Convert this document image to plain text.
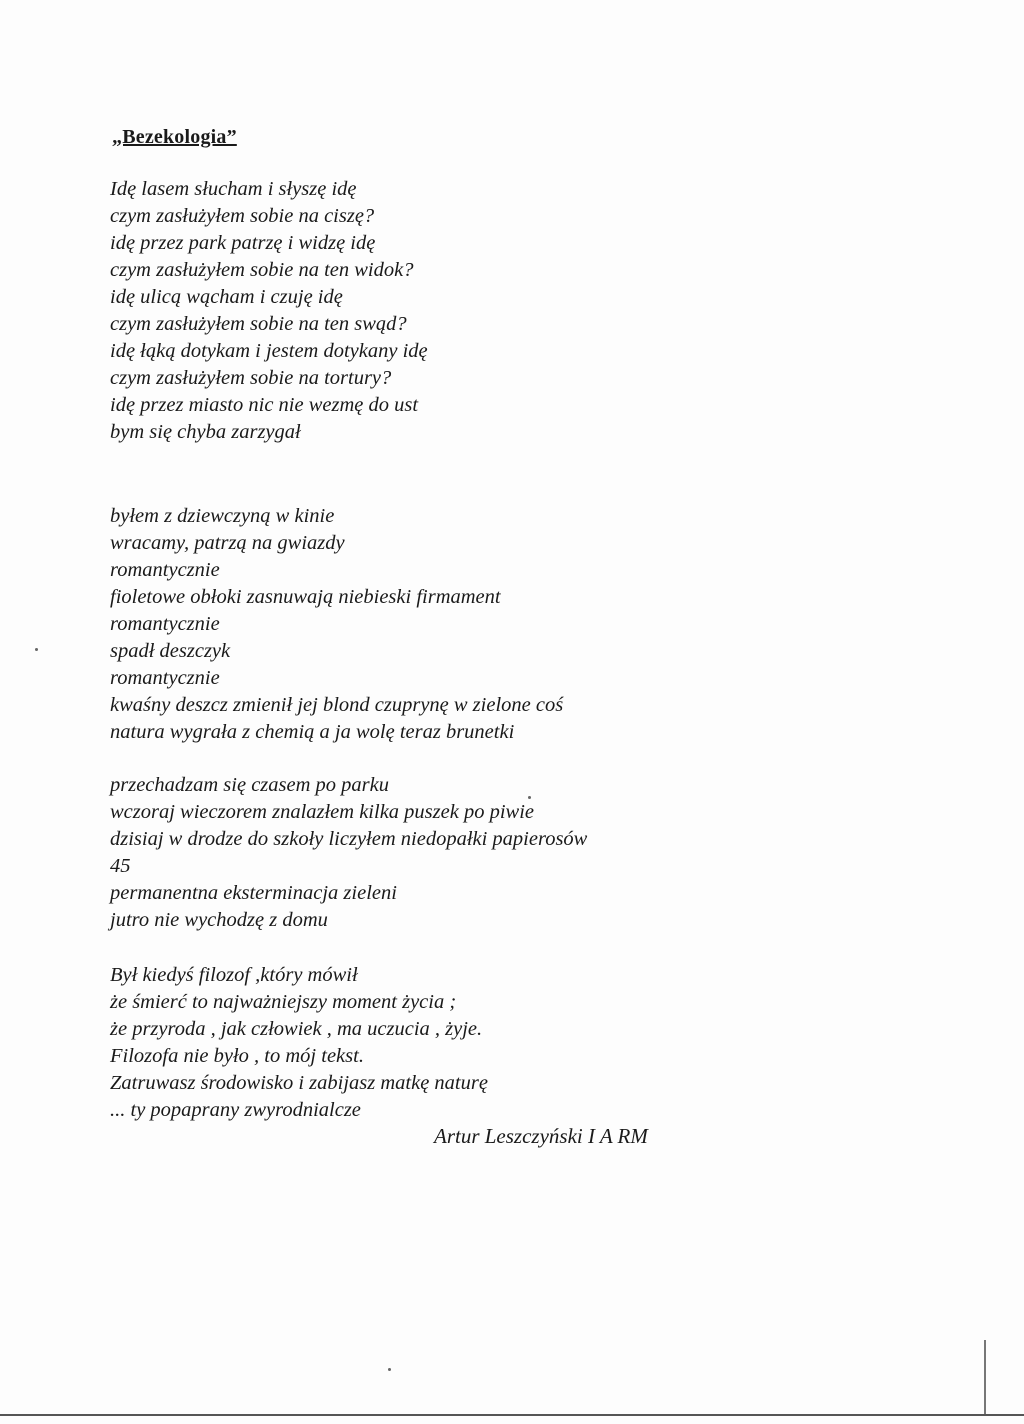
„Bezekologia”
Idę lasem słucham i słyszę idę
czym zasłużyłem sobie na ciszę?
idę przez park patrzę i widzę idę
czym zasłużyłem sobie na ten widok?
idę ulicą wącham i czuję idę
czym zasłużyłem sobie na ten swąd?
idę łąką dotykam i jestem dotykany idę
czym zasłużyłem sobie na tortury?
idę przez miasto nic nie wezmę do ust
bym się chyba zarzygał
byłem z dziewczyną w kinie
wracamy, patrzą na gwiazdy
romantycznie
fioletowe obłoki zasnuwają niebieski firmament
romantycznie
spadł deszczyk
romantycznie
kwaśny deszcz zmienił jej blond czuprynę w zielone coś
natura wygrała z chemią a ja wolę teraz brunetki
przechadzam się czasem po parku
wczoraj wieczorem znalazłem kilka puszek po piwie
dzisiaj w drodze do szkoły liczyłem niedopałki papierosów
45
permanentna eksterminacja zieleni
jutro nie wychodzę z domu
Był kiedyś filozof ,który mówił
że śmierć to najważniejszy moment życia ;
że przyroda , jak człowiek , ma uczucia , żyje.
Filozofa nie było , to mój tekst.
Zatruwasz środowisko i zabijasz matkę naturę
... ty popaprany zwyrodnialcze
Artur Leszczyński I A RM
